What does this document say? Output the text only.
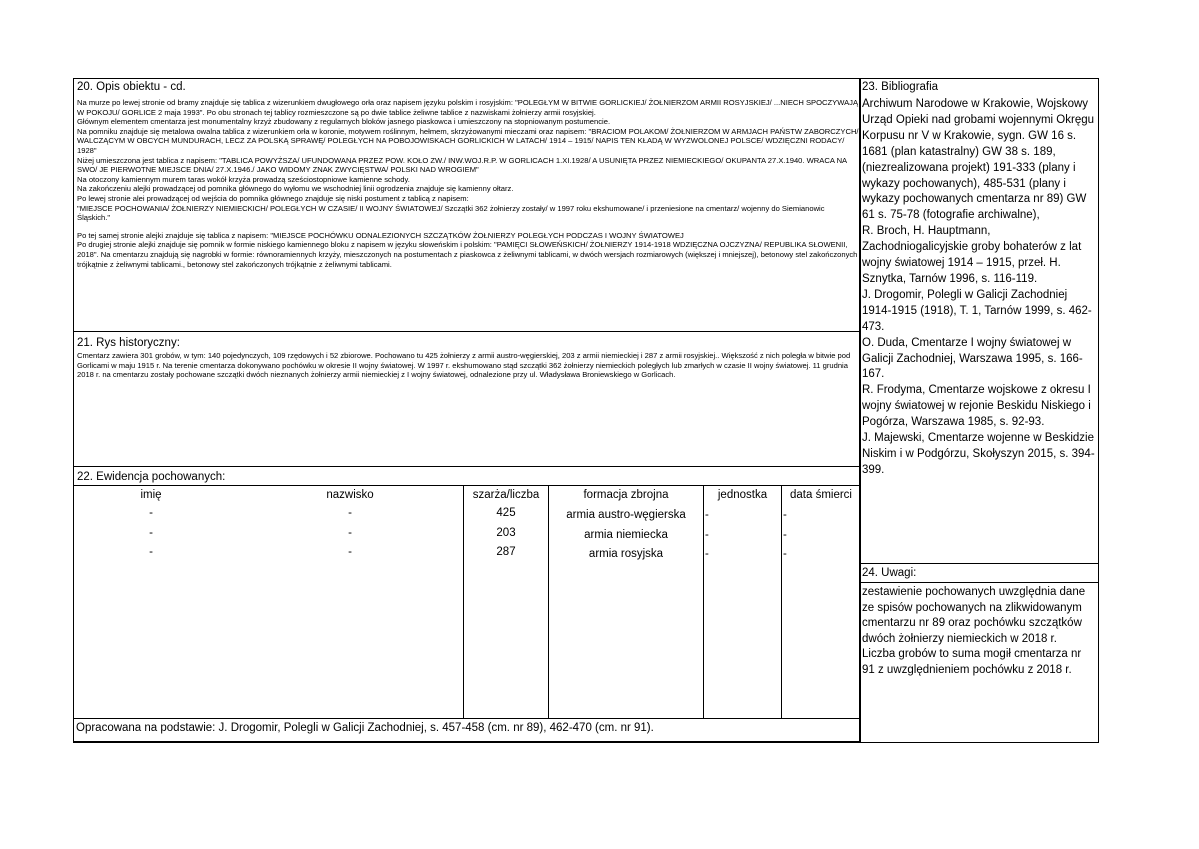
20. Opis obiektu - cd.

Na murze po lewej stronie od bramy znajduje się tablica z wizerunkiem dwugłowego orła oraz napisem języku polskim i rosyjskim: "POLEGŁYM W BITWIE GORLICKIEJ/ ŻOŁNIERZOM ARMII ROSYJSKIEJ/ ...NIECH SPOCZYWAJĄ W POKOJU/ GORLICE 2 maja 1993". Po obu stronach tej tablicy rozmieszczone są po dwie tablice żeliwne tablice z nazwiskami żołnierzy armii rosyjskiej.

Głównym elementem cmentarza jest monumentalny krzyż zbudowany z regularnych bloków jasnego piaskowca i umieszczony na stopniowanym postumencie.

Na pomniku znajduje się metalowa owalna tablica z wizerunkiem orła w koronie, motywem roślinnym, hełmem, skrzyżowanymi mieczami oraz napisem: "BRACIOM POLAKOM/ ŻOŁNIERZOM W ARMJACH PAŃSTW ZABORCZYCH/ WALCZĄCYM W OBCYCH MUNDURACH, LECZ ZA POLSKĄ SPRAWĘ/ POLEGŁYCH NA POBOJOWISKACH GORLICKICH W LATACH/ 1914 – 1915/ NAPIS TEN KŁADĄ W WYZWOLONEJ POLSCE/ WDZIĘCZNI RODACY/ 1928"

Niżej umieszczona jest tablica z napisem: "TABLICA POWYŻSZA/ UFUNDOWANA PRZEZ POW. KOŁO ZW./ INW.WOJ.R.P. W GORLICACH 1.XI.1928/ A USUNIĘTA PRZEZ NIEMIECKIEGO/ OKUPANTA 27.X.1940. WRACA NA SWO/ JE PIERWOTNE MIEJSCE DNIA/ 27.X.1946./ JAKO WIDOMY ZNAK ZWYCIĘSTWA/ POLSKI NAD WROGIEM"

Na otoczony kamiennym murem taras wokół krzyża prowadzą sześciostopniowe kamienne schody.

Na zakończeniu alejki prowadzącej od pomnika głównego do wyłomu we wschodniej linii ogrodzenia znajduje się kamienny ołtarz.

Po lewej stronie alei prowadzącej od wejścia do pomnika głównego znajduje się niski postument z tablicą z napisem:

"MIEJSCE POCHOWANIA/ ŻOŁNIERZY NIEMIECKICH/ POLEGŁYCH W CZASIE/ II WOJNY ŚWIATOWEJ/ Szczątki 362 żołnierzy zostały/ w 1997 roku ekshumowane/ i przeniesione na cmentarz/ wojenny do Siemianowic Śląskich."

Po tej samej stronie alejki znajduje się tablica z napisem: "MIEJSCE POCHÓWKU ODNALEZIONYCH SZCZĄTKÓW ŻOŁNIERZY POLEGŁYCH PODCZAS I WOJNY ŚWIATOWEJ

Po drugiej stronie alejki znajduje się pomnik w formie niskiego kamiennego bloku z napisem w języku słoweńskim i polskim: "PAMIĘCI SŁOWEŃSKICH/ ŻOŁNIERZY 1914-1918 WDZIĘCZNA OJCZYZNA/ REPUBLIKA SŁOWENII, 2018". Na cmentarzu znajdują się nagrobki w formie: równoramiennych krzyży, mieszczonych na postumentach z piaskowca z żeliwnymi tablicami, w dwóch wersjach rozmiarowych (większej i mniejszej), betonowy stel zakończonych trójkątnie z żeliwnymi tablicami., betonowy stel zakończonych trójkątnie z żeliwnymi tablicami.

21. Rys historyczny:
Cmentarz zawiera 301 grobów, w tym: 140 pojedynczych, 109 rzędowych i 52 zbiorowe. Pochowano tu 425 żołnierzy z armii austro-węgierskiej, 203 z armii niemieckiej i 287 z armii rosyjskiej.. Większość z nich poległa w bitwie pod Gorlicami w maju 1915 r. Na terenie cmentarza dokonywano pochówku w okresie II wojny światowej. W 1997 r. ekshumowano stąd szczątki 362 żołnierzy niemieckich poległych lub zmarłych w czasie II wojny światowej. 11 grudnia 2018 r. na cmentarzu zostały pochowane szczątki dwóch nieznanych żołnierzy armii niemieckiej z I wojny światowej, odnalezione przy ul. Władysława Broniewskiego w Gorlicach.
22. Ewidencja pochowanych:
imię	nazwisko	szarża/liczba	formacja zbrojna	jednostka	data śmierci
-	-	425	armia austro-węgierska	-	-
-	-	203	armia niemiecka	-	-
-	-	287	armia rosyjska	-	-
Opracowana na podstawie: J. Drogomir, Polegli w Galicji Zachodniej, s. 457-458 (cm. nr 89), 462-470 (cm. nr 91).
23. Bibliografia
Archiwum Narodowe w Krakowie, Wojskowy
Urząd Opieki nad grobami wojennymi Okręgu
Korpusu nr V w Krakowie, sygn. GW 16 s.
1681 (plan katastralny) GW 38 s. 189,
(niezrealizowana projekt) 191-333 (plany i
wykazy pochowanych), 485-531 (plany i
wykazy pochowanych cmentarza nr 89) GW
61 s. 75-78 (fotografie archiwalne),
R. Broch, H. Hauptmann,
Zachodniogalicyjskie groby bohaterów z lat
wojny światowej 1914 – 1915, przeł. H.
Sznytka, Tarnów 1996, s. 116-119.
J. Drogomir, Polegli w Galicji Zachodniej
1914-1915 (1918), T. 1, Tarnów 1999, s. 462-
473.
O. Duda, Cmentarze I wojny światowej w
Galicji Zachodniej, Warszawa 1995, s. 166-
167.
R. Frodyma, Cmentarze wojskowe z okresu I
wojny światowej w rejonie Beskidu Niskiego i
Pogórza, Warszawa 1985, s. 92-93.
J. Majewski, Cmentarze wojenne w Beskidzie
Niskim i w Podgórzu, Skołyszyn 2015, s. 394-
399.
24. Uwagi:
zestawienie pochowanych uwzględnia dane
ze spisów pochowanych na zlikwidowanym
cmentarzu nr 89 oraz pochówku szczątków
dwóch żołnierzy niemieckich w 2018 r.
Liczba grobów to suma mogił cmentarza nr
91 z uwzględnieniem pochówku z 2018 r.
